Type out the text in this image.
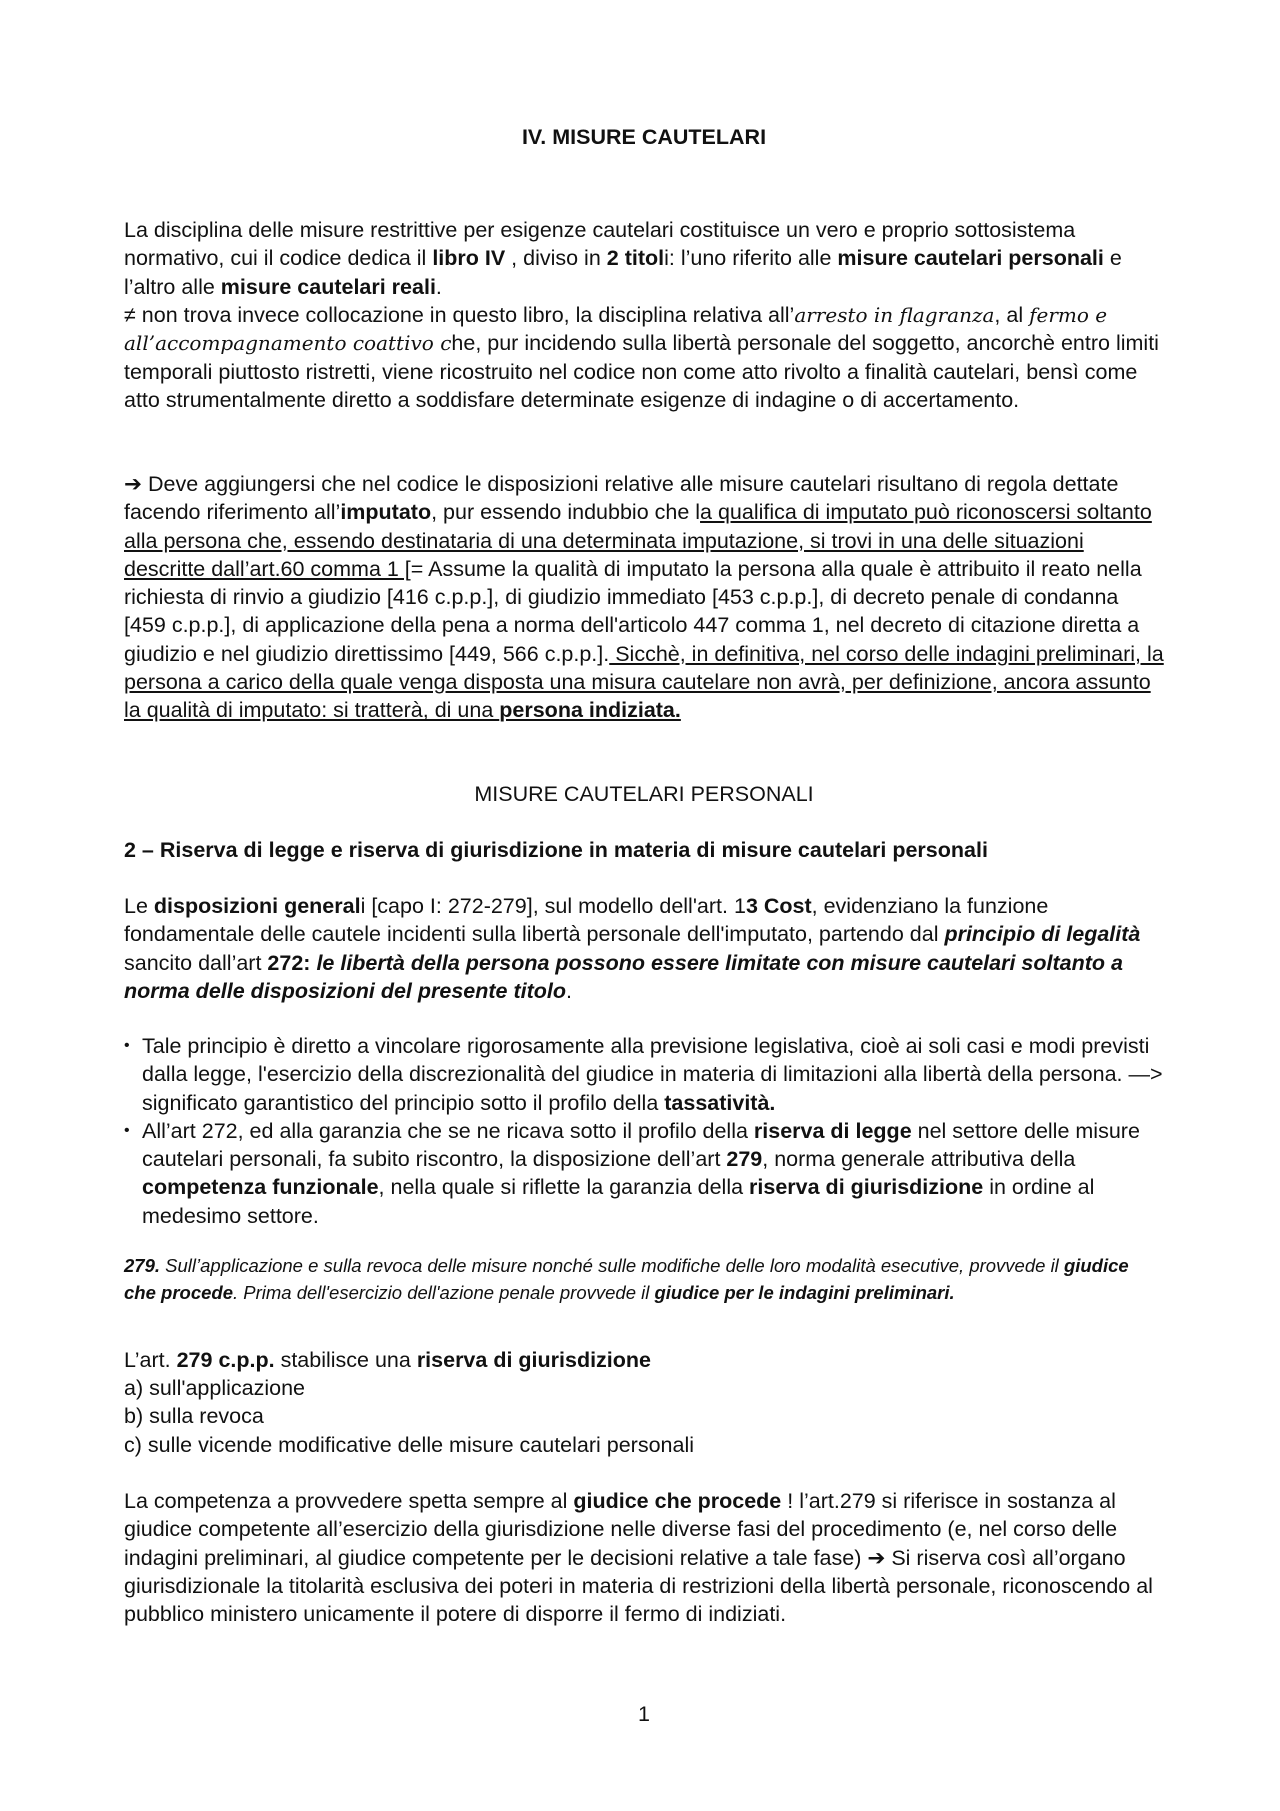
IV. MISURE CAUTELARI

La disciplina delle misure restrittive per esigenze cautelari costituisce un vero e proprio sottosistema normativo, cui il codice dedica il libro IV , diviso in 2 titoli: l’uno riferito alle misure cautelari personali e l’altro alle misure cautelari reali.

≠ non trova invece collocazione in questo libro, la disciplina relativa all’arresto in flagranza, al fermo e all’accompagnamento coattivo che, pur incidendo sulla libertà personale del soggetto, ancorchè entro limiti temporali piuttosto ristretti, viene ricostruito nel codice non come atto rivolto a finalità cautelari, bensì come atto strumentalmente diretto a soddisfare determinate esigenze di indagine o di accertamento.

➔ Deve aggiungersi che nel codice le disposizioni relative alle misure cautelari risultano di regola dettate facendo riferimento all’imputato, pur essendo indubbio che la qualifica di imputato può riconoscersi soltanto alla persona che, essendo destinataria di una determinata imputazione, si trovi in una delle situazioni descritte dall’art.60 comma 1 [= Assume la qualità di imputato la persona alla quale è attribuito il reato nella richiesta di rinvio a giudizio [416 c.p.p.], di giudizio immediato [453 c.p.p.], di decreto penale di condanna [459 c.p.p.], di applicazione della pena a norma dell'articolo 447 comma 1, nel decreto di citazione diretta a giudizio e nel giudizio direttissimo [449, 566 c.p.p.]. Sicchè, in definitiva, nel corso delle indagini preliminari, la persona a carico della quale venga disposta una misura cautelare non avrà, per definizione, ancora assunto la qualità di imputato: si tratterà, di una persona indiziata.

MISURE CAUTELARI PERSONALI
2 – Riserva di legge e riserva di giurisdizione in materia di misure cautelari personali

Le disposizioni generali [capo I: 272-279], sul modello dell'art. 13 Cost, evidenziano la funzione fondamentale delle cautele incidenti sulla libertà personale dell'imputato, partendo dal principio di legalità sancito dall’art 272: le libertà della persona possono essere limitate con misure cautelari soltanto a norma delle disposizioni del presente titolo.

• Tale principio è diretto a vincolare rigorosamente alla previsione legislativa, cioè ai soli casi e modi previsti dalla legge, l'esercizio della discrezionalità del giudice in materia di limitazioni alla libertà della persona. —> significato garantistico del principio sotto il profilo della tassatività.
• All’art 272, ed alla garanzia che se ne ricava sotto il profilo della riserva di legge nel settore delle misure cautelari personali, fa subito riscontro, la disposizione dell’art 279, norma generale attributiva della competenza funzionale, nella quale si riflette la garanzia della riserva di giurisdizione in ordine al medesimo settore.

279. Sull’applicazione e sulla revoca delle misure nonché sulle modifiche delle loro modalità esecutive, provvede il giudice che procede. Prima dell'esercizio dell'azione penale provvede il giudice per le indagini preliminari.

L’art. 279 c.p.p. stabilisce una riserva di giurisdizione

a) sull'applicazione
b) sulla revoca
c) sulle vicende modificative delle misure cautelari personali

La competenza a provvedere spetta sempre al giudice che procede ! l’art.279 si riferisce in sostanza al giudice competente all’esercizio della giurisdizione nelle diverse fasi del procedimento (e, nel corso delle indagini preliminari, al giudice competente per le decisioni relative a tale fase) ➔ Si riserva così all’organo giurisdizionale la titolarità esclusiva dei poteri in materia di restrizioni della libertà personale, riconoscendo al pubblico ministero unicamente il potere di disporre il fermo di indiziati.

1
